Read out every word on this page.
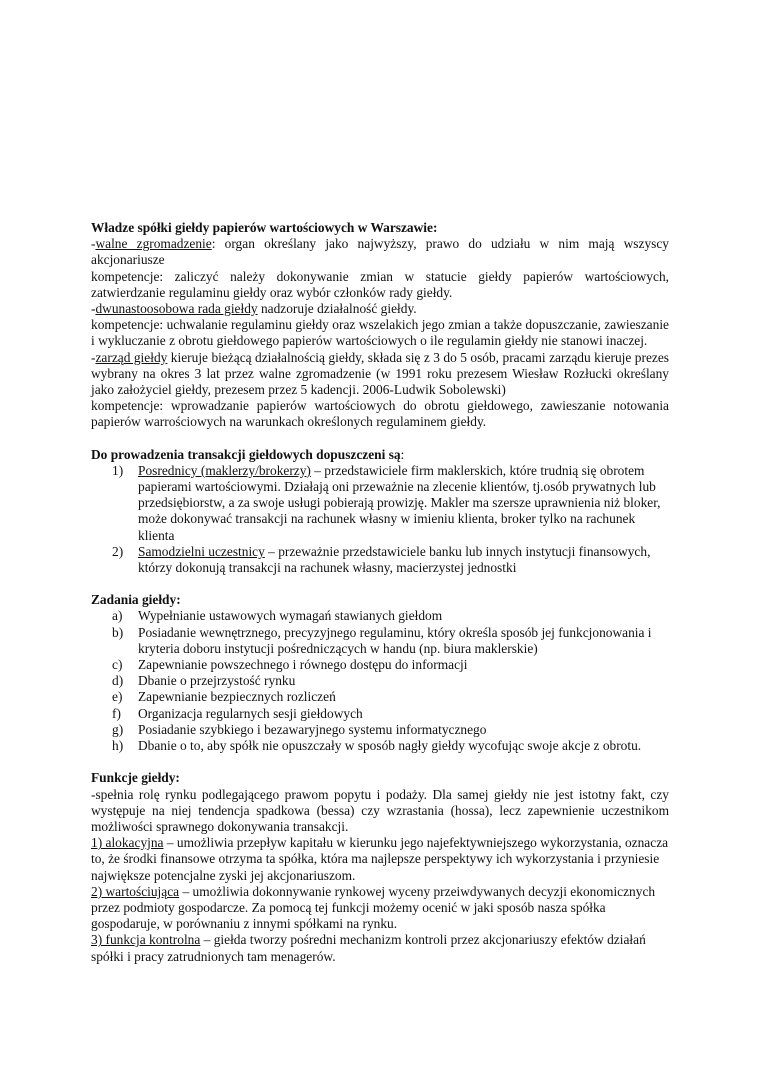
Władze spółki giełdy papierów wartościowych w Warszawie:

-walne zgromadzenie: organ określany jako najwyższy, prawo do udziału w nim mają wszyscy akcjonariusze

kompetencje: zaliczyć należy dokonywanie zmian w statucie giełdy papierów wartościowych, zatwierdzanie regulaminu giełdy oraz wybór członków rady giełdy.

-dwunastoosobowa rada giełdy nadzoruje działalność giełdy.

kompetencje: uchwalanie regulaminu giełdy oraz wszelakich jego zmian a także dopuszczanie, zawieszanie i wykluczanie z obrotu giełdowego papierów wartościowych o ile regulamin giełdy nie stanowi inaczej.

-zarząd giełdy kieruje bieżącą działalnością giełdy, składa się z 3 do 5 osób, pracami zarządu kieruje prezes wybrany na okres 3 lat przez walne zgromadzenie (w 1991 roku prezesem Wiesław Rozłucki określany jako założyciel giełdy, prezesem przez 5 kadencji. 2006-Ludwik Sobolewski)

kompetencje: wprowadzanie papierów wartościowych do obrotu giełdowego, zawieszanie notowania papierów warrościowych na warunkach określonych regulaminem giełdy.

Do prowadzenia transakcji giełdowych dopuszczeni są:

1) Posrednicy (maklerzy/brokerzy) – przedstawiciele firm maklerskich, które trudnią się obrotem papierami wartościowymi. Działają oni przeważnie na zlecenie klientów, tj.osób prywatnych lub przedsiębiorstw, a za swoje usługi pobierają prowizję. Makler ma szersze uprawnienia niż bloker, może dokonywać transakcji na rachunek własny w imieniu klienta, broker tylko na rachunek klienta
2) Samodzielni uczestnicy – przeważnie przedstawiciele banku lub innych instytucji finansowych, którzy dokonują transakcji na rachunek własny, macierzystej jednostki

Zadania giełdy:

a) Wypełnianie ustawowych wymagań stawianych giełdom
b) Posiadanie wewnętrznego, precyzyjnego regulaminu, który określa sposób jej funkcjonowania i kryteria doboru instytucji pośredniczących w handu (np. biura maklerskie)
c) Zapewnianie powszechnego i równego dostępu do informacji
d) Dbanie o przejrzystość rynku
e) Zapewnianie bezpiecznych rozliczeń
f) Organizacja regularnych sesji giełdowych
g) Posiadanie szybkiego i bezawaryjnego systemu informatycznego
h) Dbanie o to, aby spółk nie opuszczały w sposób nagły giełdy wycofując swoje akcje z obrotu.

Funkcje giełdy:

-spełnia rolę rynku podlegającego prawom popytu i podaży. Dla samej giełdy nie jest istotny fakt, czy występuje na niej tendencja spadkowa (bessa) czy wzrastania (hossa), lecz zapewnienie uczestnikom możliwości sprawnego dokonywania transakcji.

1) alokacyjna – umożliwia przepływ kapitału w kierunku jego najefektywniejszego wykorzystania, oznacza to, że środki finansowe otrzyma ta spółka, która ma najlepsze perspektywy ich wykorzystania i przyniesie największe potencjalne zyski jej akcjonariuszom.

2) wartościująca – umożliwia dokonnywanie rynkowej wyceny przeiwdywanych decyzji ekonomicznych przez podmioty gospodarcze. Za pomocą tej funkcji możemy ocenić w jaki sposób nasza spółka gospodaruje, w porównaniu z innymi spółkami na rynku.

3) funkcja kontrolna – giełda tworzy pośredni mechanizm kontroli przez akcjonariuszy efektów działań spółki i pracy zatrudnionych tam menagerów.
